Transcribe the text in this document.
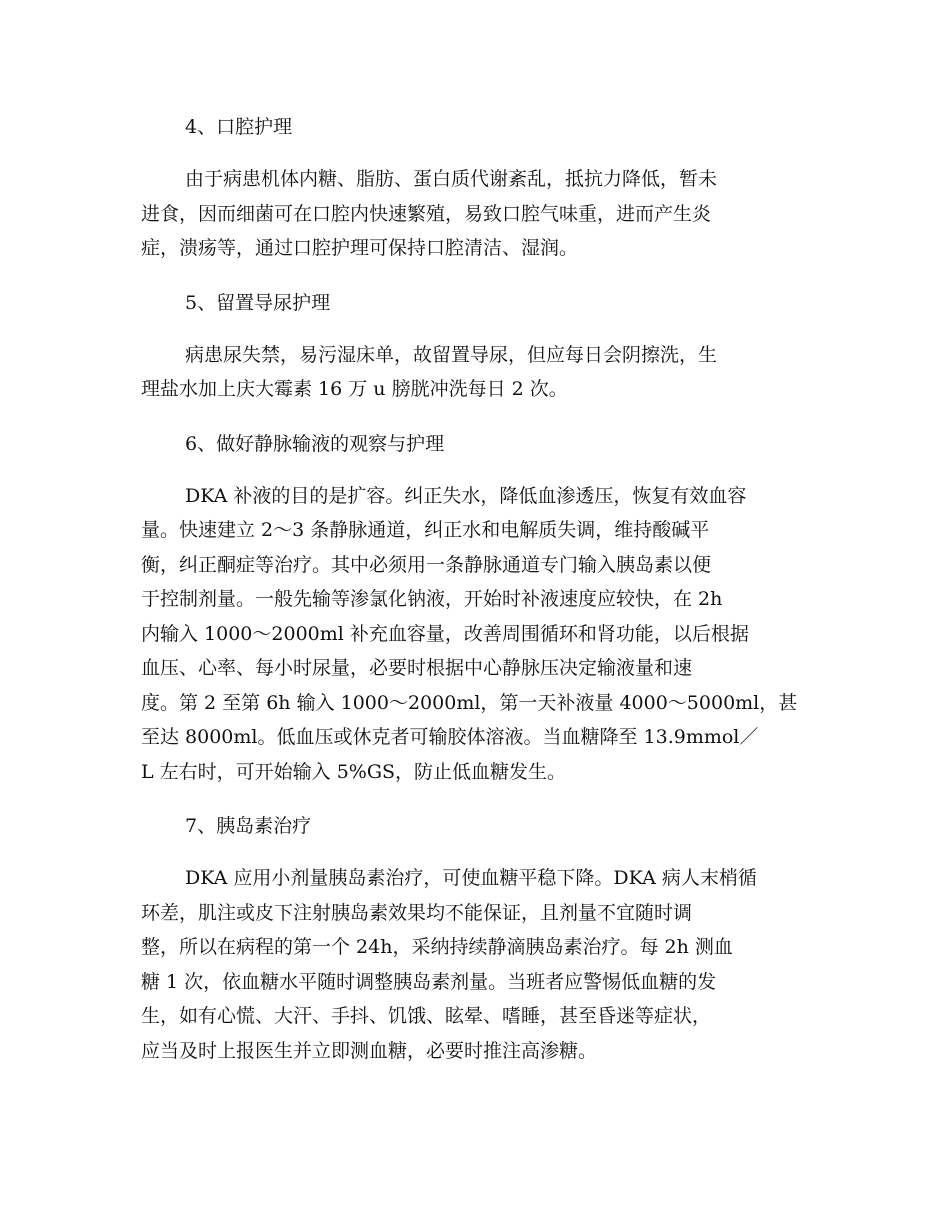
4、口腔护理

由于病患机体内糖、脂肪、蛋白质代谢紊乱，抵抗力降低，暂未
进食，因而细菌可在口腔内快速繁殖，易致口腔气味重，进而产生炎
症，溃疡等，通过口腔护理可保持口腔清洁、湿润。

5、留置导尿护理

病患尿失禁，易污湿床单，故留置导尿，但应每日会阴擦洗，生
理盐水加上庆大霉素 16 万 u 膀胱冲洗每日 2 次。

6、做好静脉输液的观察与护理

DKA 补液的目的是扩容。纠正失水，降低血渗透压，恢复有效血容
量。快速建立 2～3 条静脉通道，纠正水和电解质失调，维持酸碱平
衡，纠正酮症等治疗。其中必须用一条静脉通道专门输入胰岛素以便
于控制剂量。一般先输等渗氯化钠液，开始时补液速度应较快，在 2h
内输入 1000～2000ml 补充血容量，改善周围循环和肾功能，以后根据
血压、心率、每小时尿量，必要时根据中心静脉压决定输液量和速
度。第 2 至第 6h 输入 1000～2000ml，第一天补液量 4000～5000ml，甚
至达 8000ml。低血压或休克者可输胶体溶液。当血糖降至 13.9mmol／
L 左右时，可开始输入 5%GS，防止低血糖发生。

7、胰岛素治疗

DKA 应用小剂量胰岛素治疗，可使血糖平稳下降。DKA 病人末梢循
环差，肌注或皮下注射胰岛素效果均不能保证，且剂量不宜随时调
整，所以在病程的第一个 24h，采纳持续静滴胰岛素治疗。每 2h 测血
糖 1 次，依血糖水平随时调整胰岛素剂量。当班者应警惕低血糖的发
生，如有心慌、大汗、手抖、饥饿、眩晕、嗜睡，甚至昏迷等症状，
应当及时上报医生并立即测血糖，必要时推注高渗糖。
